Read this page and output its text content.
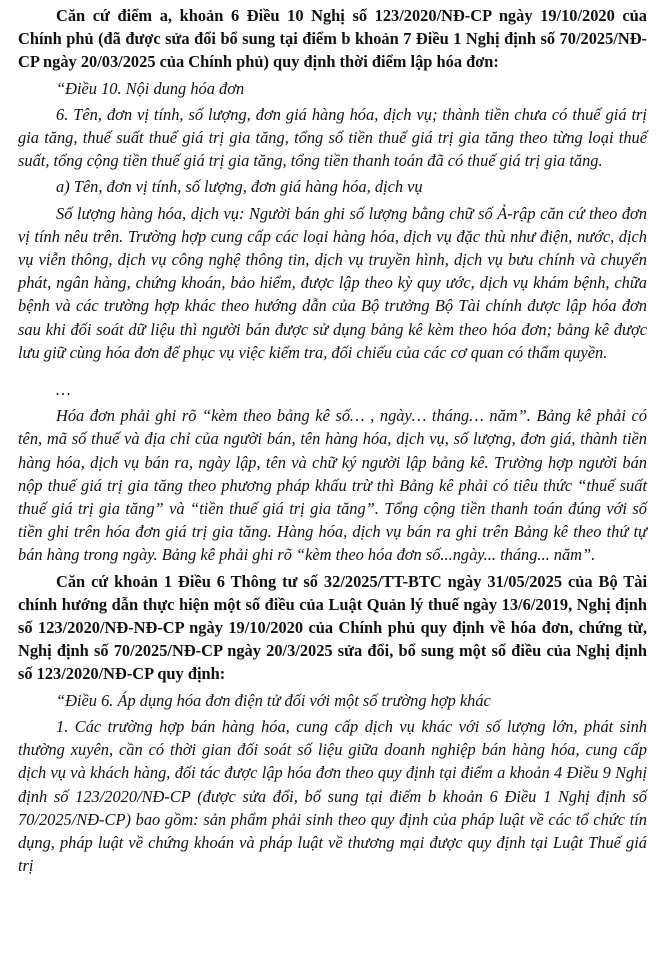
Căn cứ điểm a, khoản 6 Điều 10 Nghị số 123/2020/NĐ-CP ngày 19/10/2020 của Chính phủ (đã được sửa đổi bổ sung tại điểm b khoản 7 Điều 1 Nghị định số 70/2025/NĐ-CP ngày 20/03/2025 của Chính phủ) quy định thời điểm lập hóa đơn:

“Điều 10. Nội dung hóa đơn

6. Tên, đơn vị tính, số lượng, đơn giá hàng hóa, dịch vụ; thành tiền chưa có thuế giá trị gia tăng, thuế suất thuế giá trị gia tăng, tổng số tiền thuế giá trị gia tăng theo từng loại thuế suất, tổng cộng tiền thuế giá trị gia tăng, tổng tiền thanh toán đã có thuế giá trị gia tăng.

a) Tên, đơn vị tính, số lượng, đơn giá hàng hóa, dịch vụ

Số lượng hàng hóa, dịch vụ: Người bán ghi số lượng bằng chữ số Ả-rập căn cứ theo đơn vị tính nêu trên. Trường hợp cung cấp các loại hàng hóa, dịch vụ đặc thù như điện, nước, dịch vụ viễn thông, dịch vụ công nghệ thông tin, dịch vụ truyền hình, dịch vụ bưu chính và chuyển phát, ngân hàng, chứng khoán, bảo hiểm, được lập theo kỳ quy ước, dịch vụ khám bệnh, chữa bệnh và các trường hợp khác theo hướng dẫn của Bộ trưởng Bộ Tài chính được lập hóa đơn sau khi đối soát dữ liệu thì người bán được sử dụng bảng kê kèm theo hóa đơn; bảng kê được lưu giữ cùng hóa đơn để phục vụ việc kiểm tra, đối chiếu của các cơ quan có thẩm quyền.

…

Hóa đơn phải ghi rõ “kèm theo bảng kê số… , ngày… tháng… năm”. Bảng kê phải có tên, mã số thuế và địa chỉ của người bán, tên hàng hóa, dịch vụ, số lượng, đơn giá, thành tiền hàng hóa, dịch vụ bán ra, ngày lập, tên và chữ ký người lập bảng kê. Trường hợp người bán nộp thuế giá trị gia tăng theo phương pháp khấu trừ thì Bảng kê phải có tiêu thức “thuế suất thuế giá trị gia tăng” và “tiền thuế giá trị gia tăng”. Tổng cộng tiền thanh toán đúng với số tiền ghi trên hóa đơn giá trị gia tăng. Hàng hóa, dịch vụ bán ra ghi trên Bảng kê theo thứ tự bán hàng trong ngày. Bảng kê phải ghi rõ “kèm theo hóa đơn số...ngày... tháng... năm”.

Căn cứ khoản 1 Điều 6 Thông tư số 32/2025/TT-BTC ngày 31/05/2025 của Bộ Tài chính hướng dẫn thực hiện một số điều của Luật Quản lý thuế ngày 13/6/2019, Nghị định số 123/2020/NĐ-NĐ-CP ngày 19/10/2020 của Chính phủ quy định về hóa đơn, chứng từ, Nghị định số 70/2025/NĐ-CP ngày 20/3/2025 sửa đổi, bổ sung một số điều của Nghị định số 123/2020/NĐ-CP quy định:

“Điều 6. Áp dụng hóa đơn điện tử đối với một số trường hợp khác

1. Các trường hợp bán hàng hóa, cung cấp dịch vụ khác với số lượng lớn, phát sinh thường xuyên, cần có thời gian đối soát số liệu giữa doanh nghiệp bán hàng hóa, cung cấp dịch vụ và khách hàng, đối tác được lập hóa đơn theo quy định tại điểm a khoản 4 Điều 9 Nghị định số 123/2020/NĐ-CP (được sửa đổi, bổ sung tại điểm b khoản 6 Điều 1 Nghị định số 70/2025/NĐ-CP) bao gồm: sản phẩm phải sinh theo quy định của pháp luật về các tổ chức tín dụng, pháp luật về chứng khoán và pháp luật về thương mại được quy định tại Luật Thuế giá trị
